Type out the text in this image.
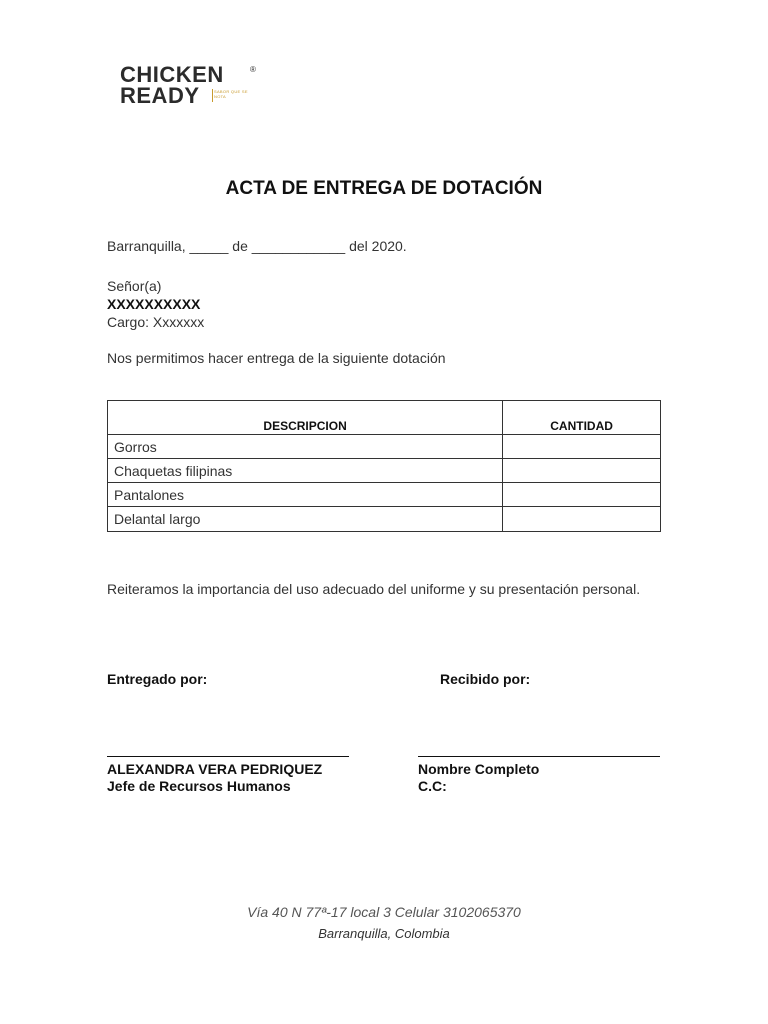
CHICKEN
READY
®
SABOR QUE SE NOTA
ACTA DE ENTREGA DE DOTACIÓN
Barranquilla, _____ de ____________ del 2020.
Señor(a)
XXXXXXXXXX
Cargo: Xxxxxxx
Nos permitimos hacer entrega de la siguiente dotación
DESCRIPCION	CANTIDAD
Gorros	
Chaquetas filipinas	
Pantalones	
Delantal largo	
Reiteramos la importancia del uso adecuado del uniforme y su presentación personal.
Entregado por:	Recibido por:
ALEXANDRA VERA PEDRIQUEZ
Jefe de Recursos Humanos
Nombre Completo
C.C:
Vía 40 N 77ª-17 local 3 Celular 3102065370
Barranquilla, Colombia
